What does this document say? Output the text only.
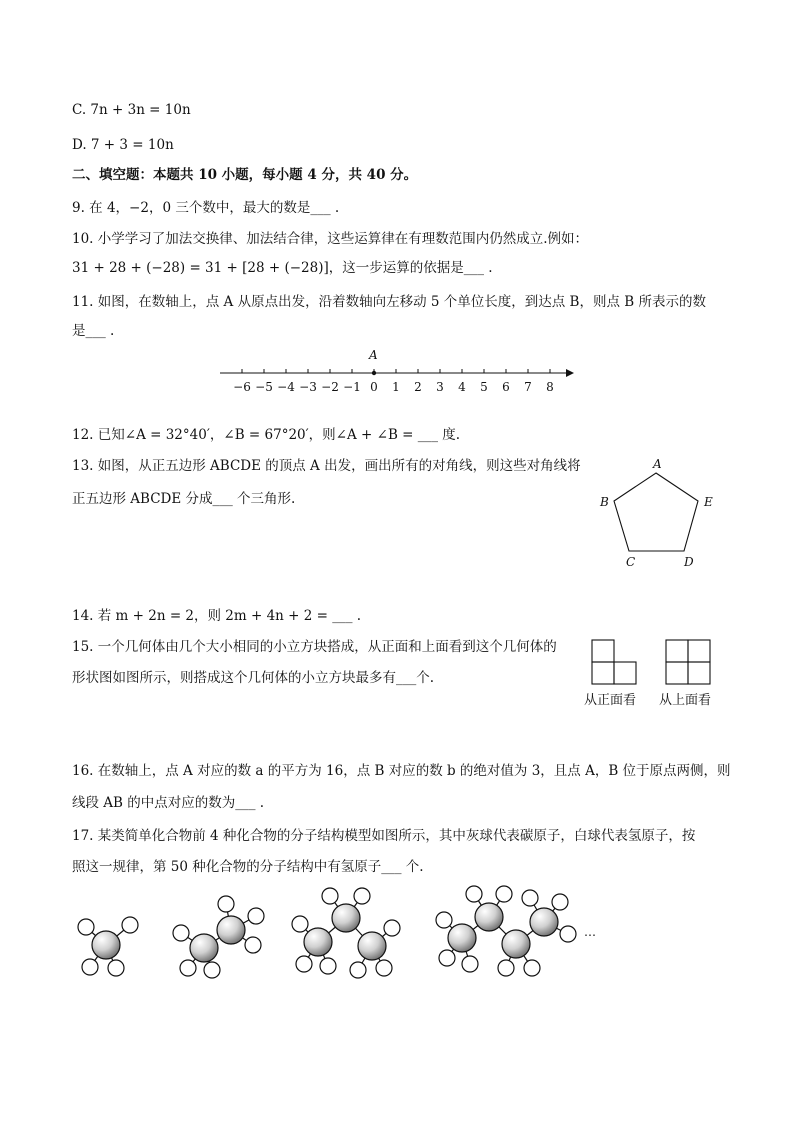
C. 7n + 3n = 10n
D. 7 + 3 = 10n
二、填空题：本题共 10 小题，每小题 4 分，共 40 分。
9. 在 4，−2，0 三个数中，最大的数是___ .
10. 小学学习了加法交换律、加法结合律，这些运算律在有理数范围内仍然成立.例如：
31 + 28 + (−28) = 31 + [28 + (−28)]，这一步运算的依据是___ .
11. 如图，在数轴上，点 A 从原点出发，沿着数轴向左移动 5 个单位长度，到达点 B，则点 B 所表示的数
是___ .
−6 −5 −4 −3 −2 −1 0 1 2 3 4 5 6 7 8
A
12. 已知∠A = 32°40′，∠B = 67°20′，则∠A + ∠B = ___ 度.
13. 如图，从正五边形 ABCDE 的顶点 A 出发，画出所有的对角线，则这些对角线将
正五边形 ABCDE 分成___ 个三角形.
A
B	E
C	D
14. 若 m + 2n = 2，则 2m + 4n + 2 = ___ .
15. 一个几何体由几个大小相同的小立方块搭成，从正面和上面看到这个几何体的
形状图如图所示，则搭成这个几何体的小立方块最多有___个.
从正面看 从上面看
16. 在数轴上，点 A 对应的数 a 的平方为 16，点 B 对应的数 b 的绝对值为 3，且点 A，B 位于原点两侧，则
线段 AB 的中点对应的数为___ .
17. 某类简单化合物前 4 种化合物的分子结构模型如图所示，其中灰球代表碳原子，白球代表氢原子，按
照这一规律，第 50 种化合物的分子结构中有氢原子___ 个.
…
